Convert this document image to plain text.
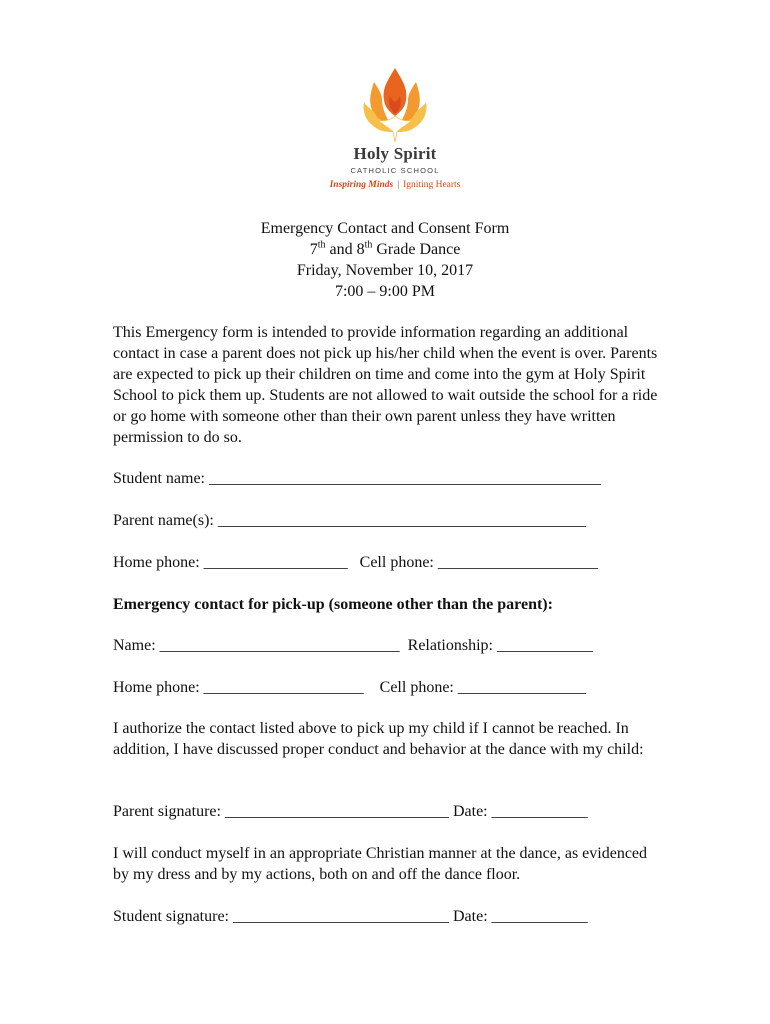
Holy Spirit
CATHOLIC SCHOOL
Inspiring Minds | Igniting Hearts
Emergency Contact and Consent Form
7th and 8th Grade Dance
Friday, November 10, 2017
7:00 – 9:00 PM
This Emergency form is intended to provide information regarding an additional contact in case a parent does not pick up his/her child when the event is over. Parents are expected to pick up their children on time and come into the gym at Holy Spirit School to pick them up. Students are not allowed to wait outside the school for a ride or go home with someone other than their own parent unless they have written permission to do so.
Student name: _________________________________________________
Parent name(s): ______________________________________________
Home phone: __________________   Cell phone: ____________________
Emergency contact for pick-up (someone other than the parent):
Name: ______________________________  Relationship: ____________
Home phone: ____________________    Cell phone: ________________
I authorize the contact listed above to pick up my child if I cannot be reached. In addition, I have discussed proper conduct and behavior at the dance with my child:
Parent signature: ____________________________ Date: ____________
I will conduct myself in an appropriate Christian manner at the dance, as evidenced by my dress and by my actions, both on and off the dance floor.
Student signature: ___________________________ Date: ____________
